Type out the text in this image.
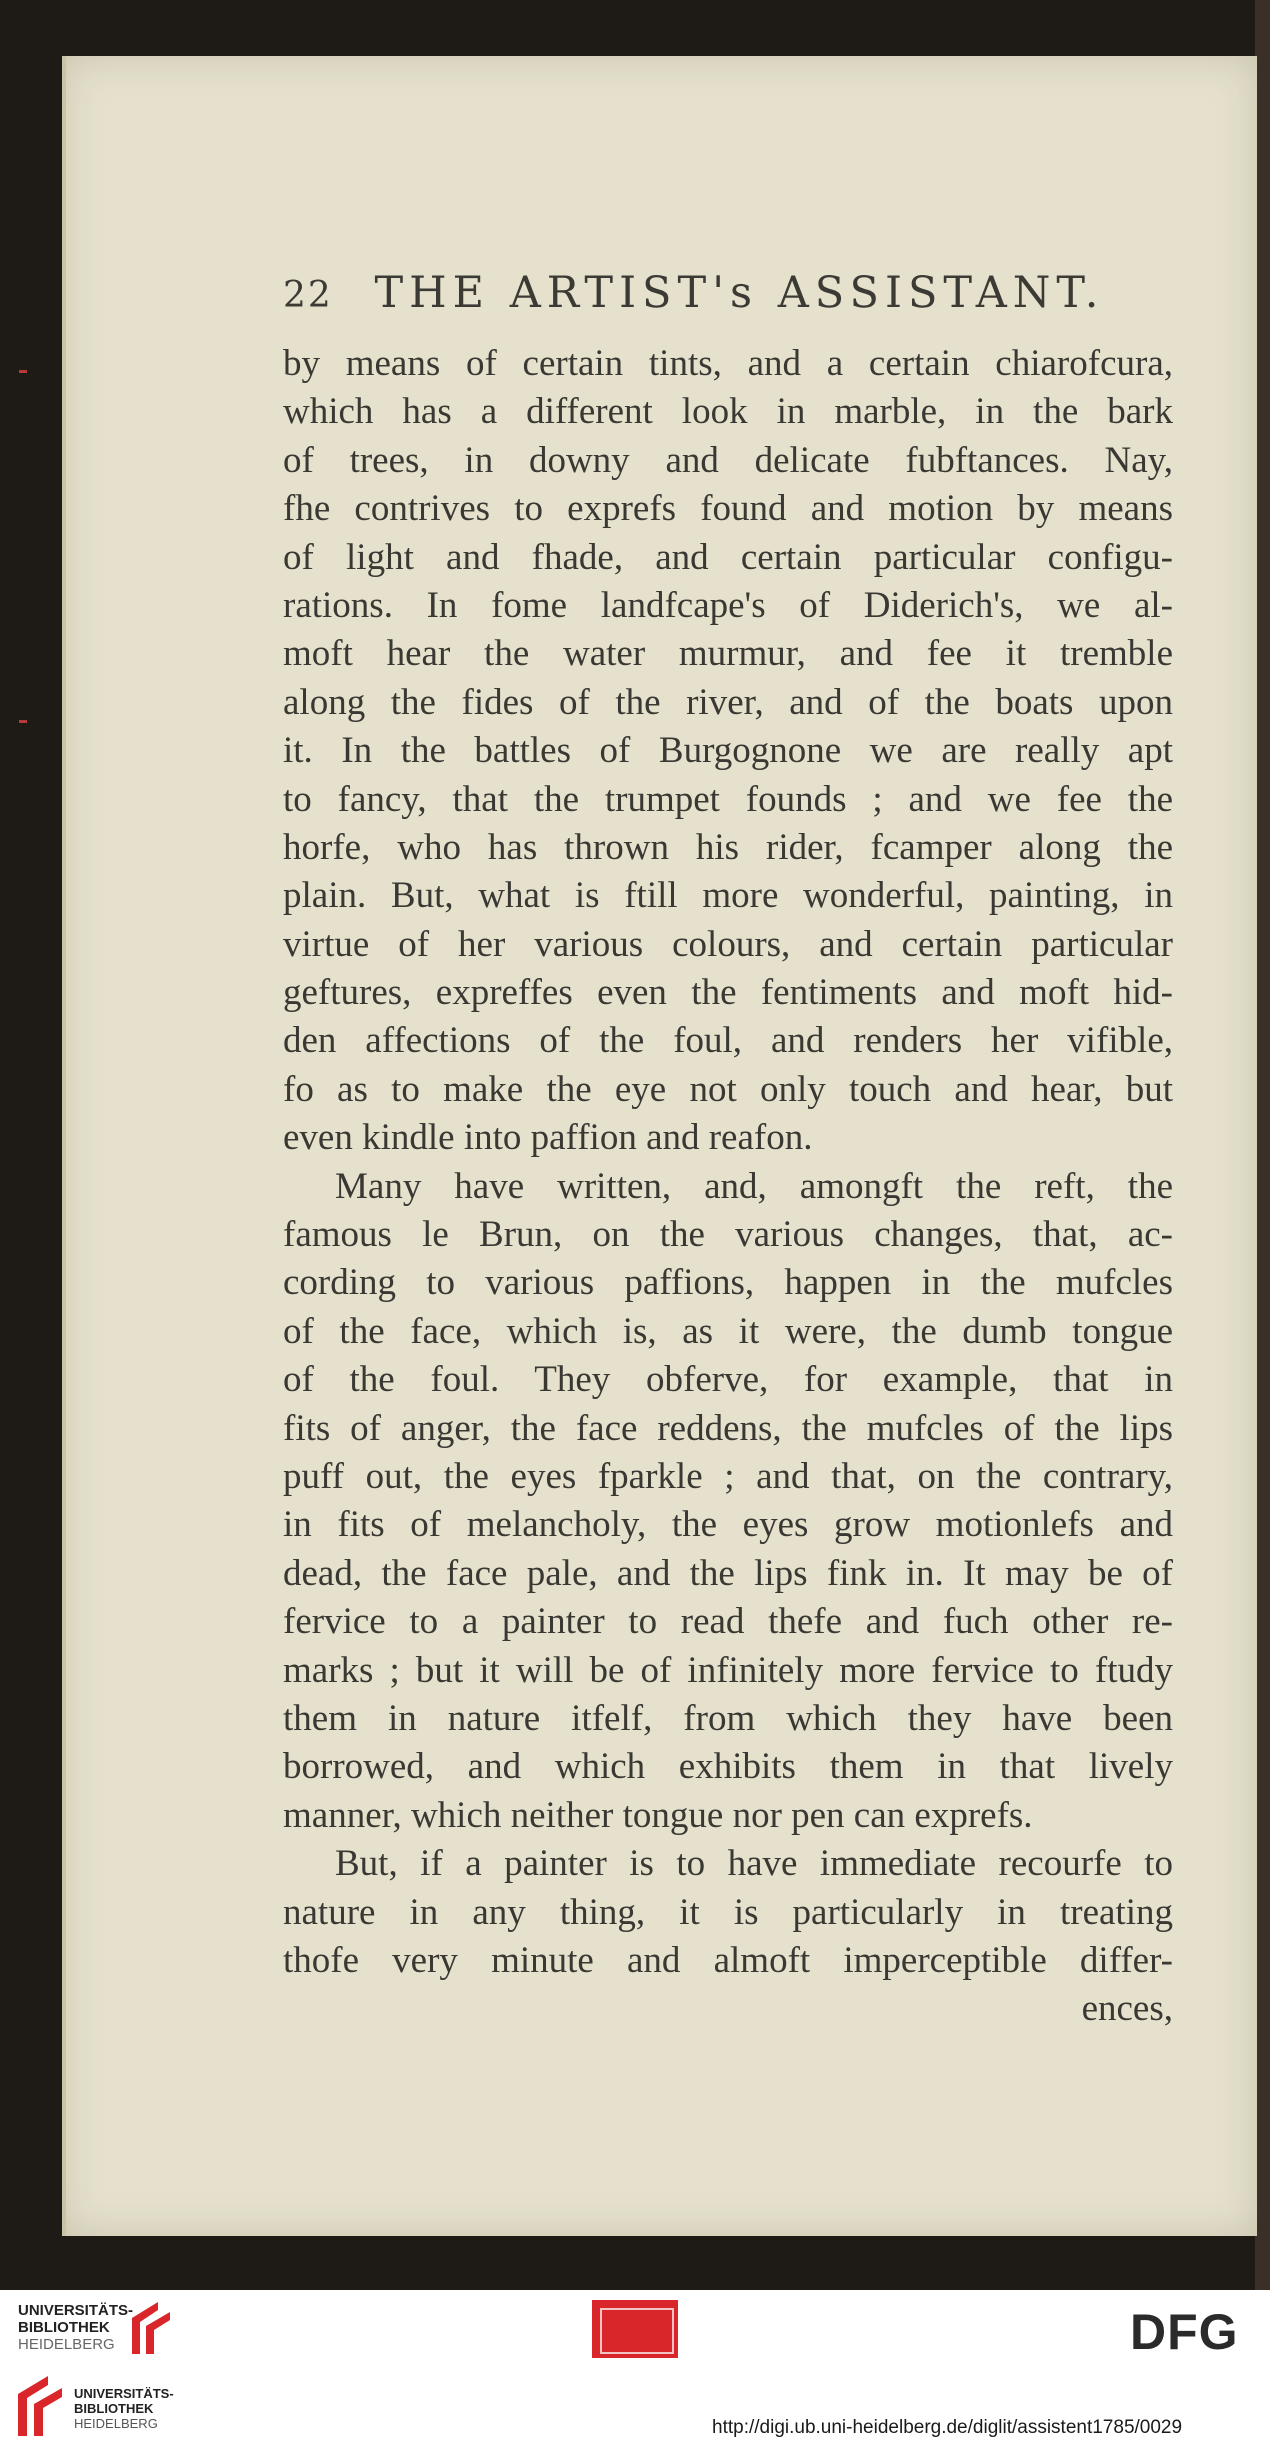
22 THE ARTIST's ASSISTANT.
by means of certain tints, and a certain chiarofcura,
which has a different look in marble, in the bark
of trees, in downy and delicate fubftances. Nay,
fhe contrives to exprefs found and motion by means
of light and fhade, and certain particular configu-
rations. In fome landfcape's of Diderich's, we al-
moft hear the water murmur, and fee it tremble
along the fides of the river, and of the boats upon
it. In the battles of Burgognone we are really apt
to fancy, that the trumpet founds ; and we fee the
horfe, who has thrown his rider, fcamper along the
plain. But, what is ftill more wonderful, painting, in
virtue of her various colours, and certain particular
geftures, expreffes even the fentiments and moft hid-
den affections of the foul, and renders her vifible,
fo as to make the eye not only touch and hear, but
even kindle into paffion and reafon.
Many have written, and, amongft the reft, the
famous le Brun, on the various changes, that, ac-
cording to various paffions, happen in the mufcles
of the face, which is, as it were, the dumb tongue
of the foul. They obferve, for example, that in
fits of anger, the face reddens, the mufcles of the lips
puff out, the eyes fparkle ; and that, on the contrary,
in fits of melancholy, the eyes grow motionlefs and
dead, the face pale, and the lips fink in. It may be of
fervice to a painter to read thefe and fuch other re-
marks ; but it will be of infinitely more fervice to ftudy
them in nature itfelf, from which they have been
borrowed, and which exhibits them in that lively
manner, which neither tongue nor pen can exprefs.
But, if a painter is to have immediate recourfe to
nature in any thing, it is particularly in treating
thofe very minute and almoft imperceptible differ-
ences,
UNIVERSITÄTS-
BIBLIOTHEK
HEIDELBERG
UNIVERSITÄTS-
BIBLIOTHEK
HEIDELBERG
DFG
http://digi.ub.uni-heidelberg.de/diglit/assistent1785/0029
